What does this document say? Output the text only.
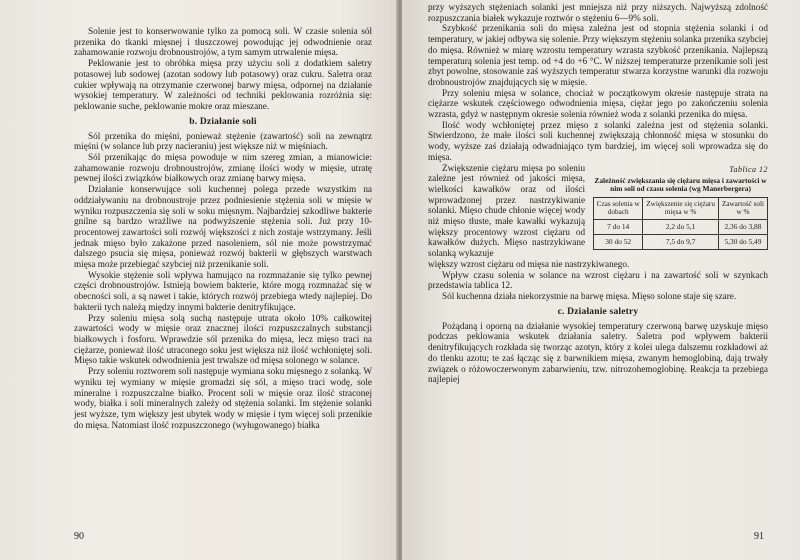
Solenie jest to konserwowanie tylko za pomocą soli. W czasie solenia sól przenika do tkanki mięsnej i tłuszczowej powodując jej odwodnienie oraz zahamowanie rozwoju drobnoustrojów, a tym samym utrwalenie mięsa.

Peklowanie jest to obróbka mięsa przy użyciu soli z dodatkiem saletry potasowej lub sodowej (azotan sodowy lub potasowy) oraz cukru. Saletra oraz cukier wpływają na otrzymanie czerwonej barwy mięsa, odpornej na działanie wysokiej temperatury. W zależności od techniki peklowania rozróżnia się: peklowanie suche, peklowanie mokre oraz mieszane.

b. Działanie soli

Sól przenika do mięśni, ponieważ stężenie (zawartość) soli na zewnątrz mięśni (w solance lub przy nacieraniu) jest większe niż w mięśniach.

Sól przenikając do mięsa powoduje w nim szereg zmian, a mianowicie: zahamowanie rozwoju drobnoustrojów, zmianę ilości wody w mięsie, utratę pewnej ilości związków białkowych oraz zmianę barwy mięsa.

Działanie konserwujące soli kuchennej polega przede wszystkim na oddziaływaniu na drobnoustroje przez podniesienie stężenia soli w mięsie w wyniku rozpuszczenia się soli w soku mięsnym. Najbardziej szkodliwe bakterie gnilne są bardzo wrażliwe na podwyższenie stężenia soli. Już przy 10-procentowej zawartości soli rozwój większości z nich zostaje wstrzymany. Jeśli jednak mięso było zakażone przed nasoleniem, sól nie może powstrzymać dalszego psucia się mięsa, ponieważ rozwój bakterii w głębszych warstwach mięsa może przebiegać szybciej niż przenikanie soli.

Wysokie stężenie soli wpływa hamująco na rozmnażanie się tylko pewnej części drobnoustrojów. Istnieją bowiem bakterie, które mogą rozmnażać się w obecności soli, a są nawet i takie, których rozwój przebiega wtedy najlepiej. Do bakterii tych należą między innymi bakterie denitryfikujące.

Przy soleniu mięsa solą suchą następuje utrata około 10% całkowitej zawartości wody w mięsie oraz znacznej ilości rozpuszczalnych substancji białkowych i fosforu. Wprawdzie sól przenika do mięsa, lecz mięso traci na ciężarze, ponieważ ilość utraconego soku jest większa niż ilość wchłoniętej soli. Mięso takie wskutek odwodnienia jest trwalsze od mięsa solonego w solance.

Przy soleniu roztworem soli następuje wymiana soku mięsnego z solanką. W wyniku tej wymiany w mięsie gromadzi się sól, a mięso traci wodę, sole mineralne i rozpuszczalne białko. Procent soli w mięsie oraz ilość straconej wody, białka i soli mineralnych zależy od stężenia solanki. Im stężenie solanki jest wyższe, tym większy jest ubytek wody w mięsie i tym więcej soli przenikie do mięsa. Natomiast ilość rozpuszczonego (wyługowanego) białka

90

przy wyższych stężeniach solanki jest mniejsza niż przy niższych. Najwyższą zdolność rozpuszczania białek wykazuje roztwór o stężeniu 6—9% soli.

Szybkość przenikania soli do mięsa zależna jest od stopnia stężenia solanki i od temperatury, w jakiej odbywa się solenie. Przy większym stężeniu solanka przenika szybciej do mięsa. Również w miarę wzrostu temperatury wzrasta szybkość przenikania. Najlepszą temperaturą solenia jest temp. od +4 do +6 °C. W niższej temperaturze przenikanie soli jest zbyt powolne, stosowanie zaś wyższych temperatur stwarza korzystne warunki dla rozwoju drobnoustrojów znajdujących się w mięsie.

Przy soleniu mięsa w solance, chociaż w początkowym okresie następuje strata na ciężarze wskutek częściowego odwodnienia mięsa, ciężar jego po zakończeniu solenia wzrasta, gdyż w następnym okresie solenia również woda z solanki przenika do mięsa.

Ilość wody wchłoniętej przez mięso z solanki zależna jest od stężenia solanki. Stwierdzono, że małe ilości soli kuchennej zwiększają chłonność mięsa w stosunku do wody, wyższe zaś działają odwadniająco tym bardziej, im więcej soli wprowadza się do mięsa.

Zwiększenie ciężaru mięsa po soleniu zależne jest również od jakości mięsa, wielkości kawałków oraz od ilości wprowadzonej przez nastrzykiwanie solanki. Mięso chude chłonie więcej wody niż mięso tłuste, małe kawałki wykazują większy procentowy wzrost ciężaru od kawałków dużych. Mięso nastrzykiwane solanką wykazuje

Tablica 12
Zależność zwiększania się ciężaru mięsa i zawartości w nim soli od czasu solenia (wg Manerbergera)
Czas solenia w dobach	Zwiększenie się ciężaru mięsa w %	Zawartość soli w %
7 do 14	2,2 do 5,1	2,36 do 3,88
30 do 52	7,5 do 9,7	5,30 do 5,49

większy wzrost ciężaru od mięsa nie nastrzykiwanego.

Wpływ czasu solenia w solance na wzrost ciężaru i na zawartość soli w szynkach przedstawia tablica 12.

Sól kuchenna działa niekorzystnie na barwę mięsa. Mięso solone staje się szare.

c. Działanie saletry

Pożądaną i oporną na działanie wysokiej temperatury czerwoną barwę uzyskuje mięso podczas peklowania wskutek działania saletry. Saletra pod wpływem bakterii denitryfikujących rozkłada się tworząc azotyn, który z kolei ulega dalszemu rozkładowi aż do tlenku azotu; te zaś łącząc się z barwnikiem mięsa, zwanym hemoglobiną, dają trwały związek o różowoczerwonym zabarwieniu, tzw. nitrozohemoglobinę. Reakcja ta przebiega najlepiej

91
